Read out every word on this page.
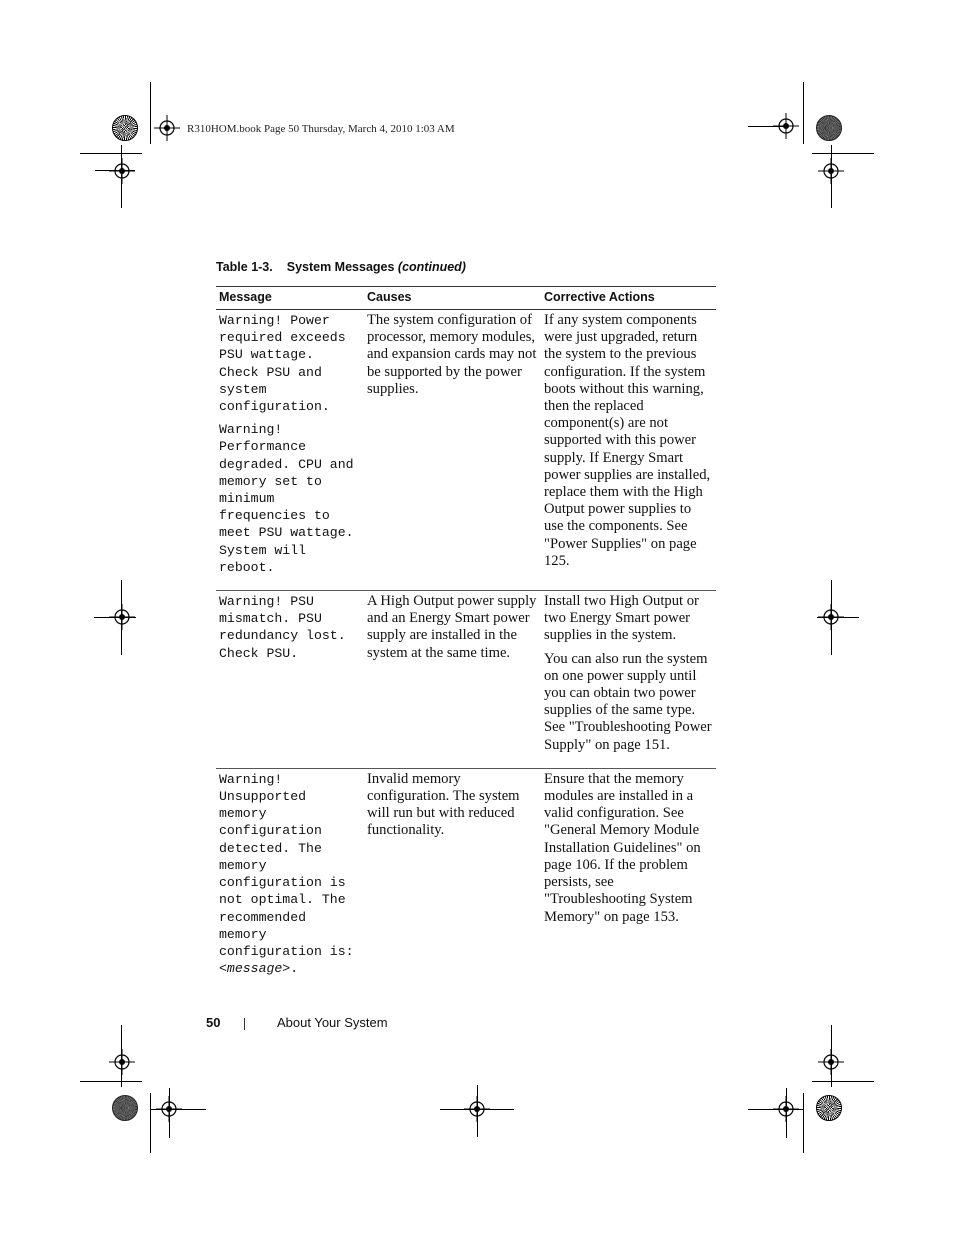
R310HOM.book Page 50 Thursday, March 4, 2010 1:03 AM
Table 1-3. System Messages (continued)
Message	Causes	Corrective Actions

Warning! Power required exceeds PSU wattage. Check PSU and system configuration.

Warning! Performance degraded. CPU and memory set to minimum frequencies to meet PSU wattage. System will reboot.	The system configuration of processor, memory modules, and expansion cards may not be supported by the power supplies.	If any system components were just upgraded, return the system to the previous configuration. If the system boots without this warning, then the replaced component(s) are not supported with this power supply. If Energy Smart power supplies are installed, replace them with the High Output power supplies to use the components. See "Power Supplies" on page 125.

Warning! PSU mismatch. PSU redundancy lost. Check PSU.	A High Output power supply and an Energy Smart power supply are installed in the system at the same time.	Install two High Output or two Energy Smart power supplies in the system.

You can also run the system on one power supply until you can obtain two power supplies of the same type. See "Troubleshooting Power Supply" on page 151.

Warning! Unsupported memory configuration detected. The memory configuration is not optimal. The recommended memory configuration is: <message>.	Invalid memory configuration. The system will run but with reduced functionality.	Ensure that the memory modules are installed in a valid configuration. See "General Memory Module Installation Guidelines" on page 106. If the problem persists, see "Troubleshooting System Memory" on page 153.

50	About Your System
